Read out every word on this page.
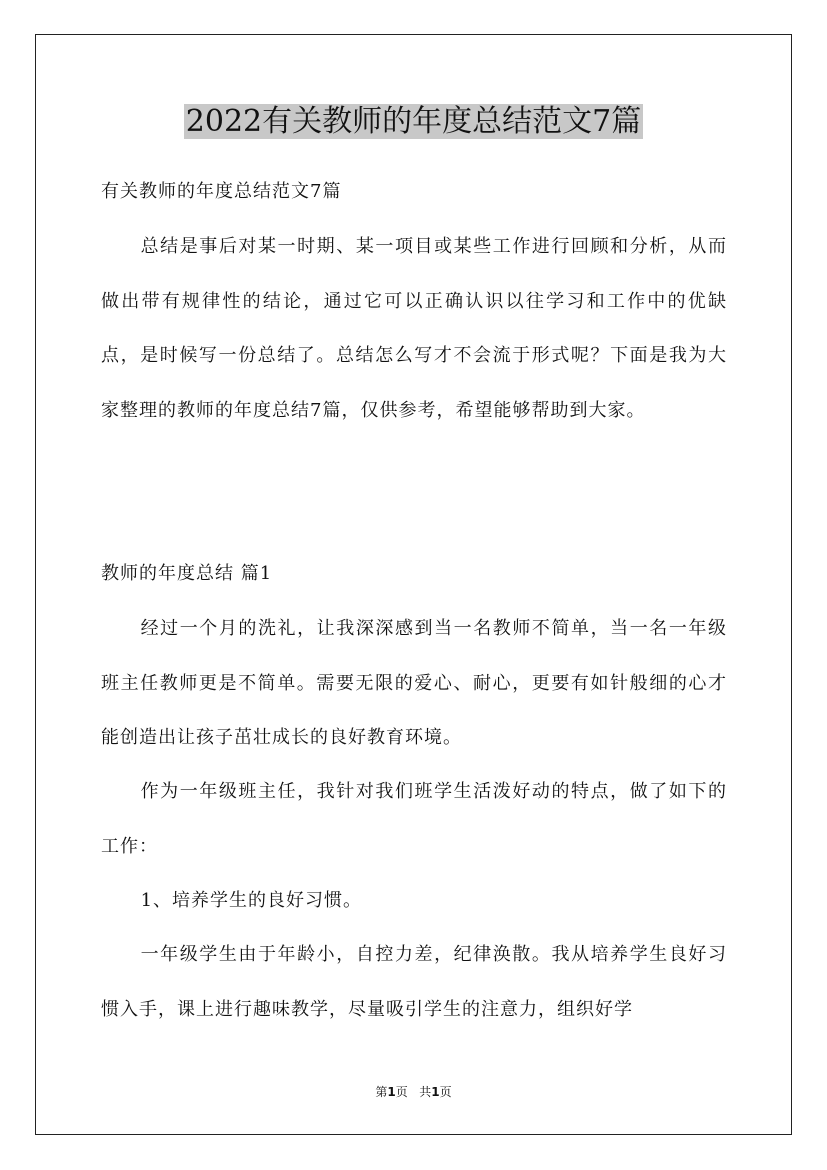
2022有关教师的年度总结范文7篇

有关教师的年度总结范文7篇

总结是事后对某一时期、某一项目或某些工作进行回顾和分析，从而做出带有规律性的结论，通过它可以正确认识以往学习和工作中的优缺点，是时候写一份总结了。总结怎么写才不会流于形式呢？下面是我为大家整理的教师的年度总结7篇，仅供参考，希望能够帮助到大家。

教师的年度总结 篇1

经过一个月的洗礼，让我深深感到当一名教师不简单，当一名一年级班主任教师更是不简单。需要无限的爱心、耐心，更要有如针般细的心才能创造出让孩子茁壮成长的良好教育环境。

作为一年级班主任，我针对我们班学生活泼好动的特点，做了如下的工作：

1、培养学生的良好习惯。

一年级学生由于年龄小，自控力差，纪律涣散。我从培养学生良好习惯入手，课上进行趣味教学，尽量吸引学生的注意力，组织好学

第1页 共1页
